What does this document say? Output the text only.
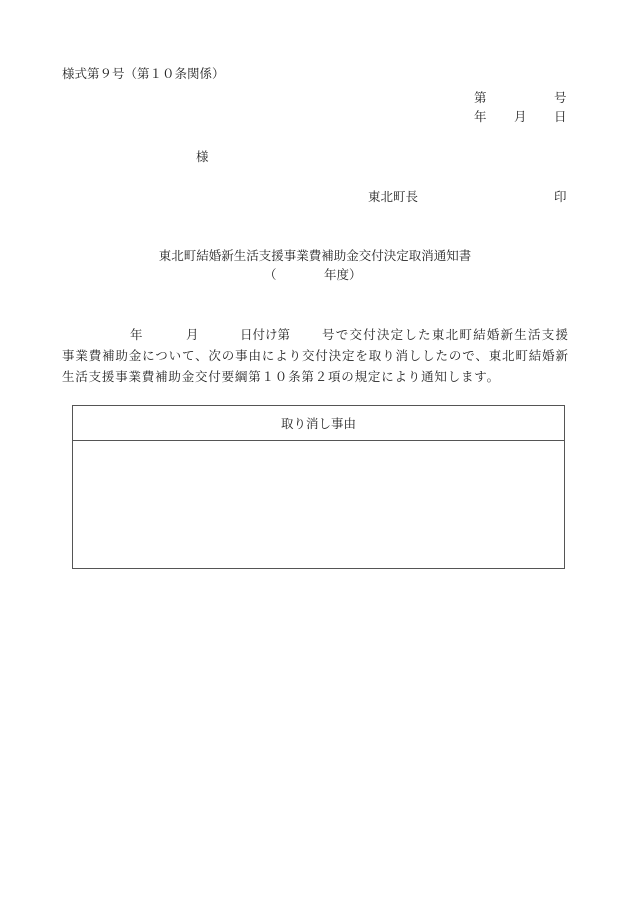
様式第９号（第１０条関係）
第	号
年 月 日
様
東北町長	印
東北町結婚新生活支援事業費補助金交付決定取消通知書
（	年度）
年	月	日付け第	号で交付決定した東北町結婚新生活支援
事業費補助金について、次の事由により交付決定を取り消ししたので、東北町結婚新
生活支援事業費補助金交付要綱第１０条第２項の規定により通知します。
取り消し事由
